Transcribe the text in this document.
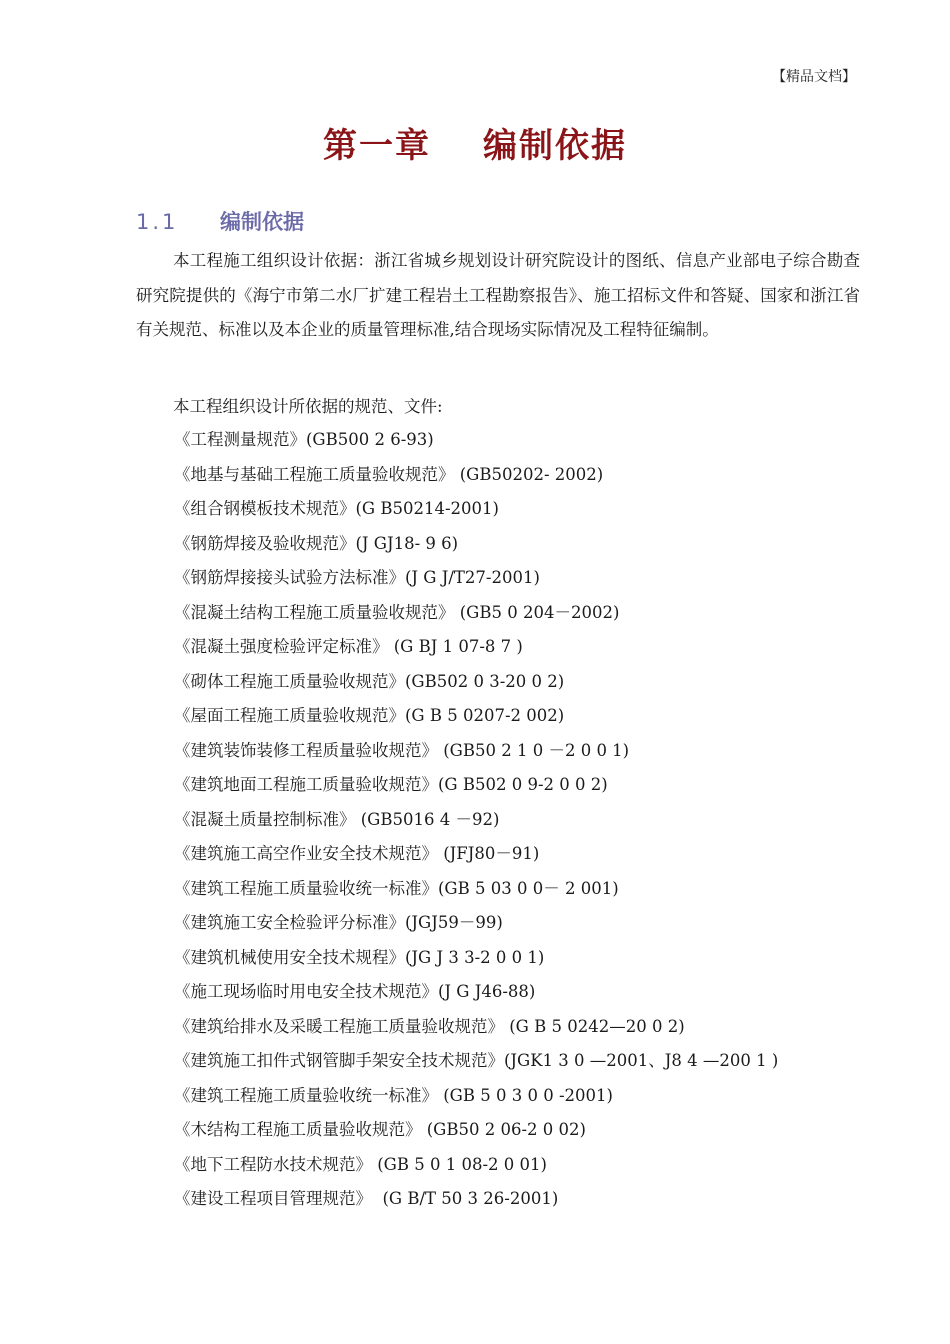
【精品文档】
第一章 编制依据
1.1 编制依据
本工程施工组织设计依据：浙江省城乡规划设计研究院设计的图纸、信息产业部电子综合勘查研究院提供的《海宁市第二水厂扩建工程岩土工程勘察报告》、施工招标文件和答疑、国家和浙江省有关规范、标准以及本企业的质量管理标准,结合现场实际情况及工程特征编制。
本工程组织设计所依据的规范、文件:
《工程测量规范》(GB500 2 6-93)
《地基与基础工程施工质量验收规范》 (GB50202- 2002)
《组合钢模板技术规范》(G B50214-2001)
《钢筋焊接及验收规范》(J GJ18- 9 6)
《钢筋焊接接头试验方法标准》(J G J/T27-2001)
《混凝土结构工程施工质量验收规范》 (GB5 0 204－2002)
《混凝土强度检验评定标准》 (G BJ 1 07-8 7 )
《砌体工程施工质量验收规范》(GB502 0 3-20 0 2)
《屋面工程施工质量验收规范》(G B 5 0207-2 002)
《建筑装饰装修工程质量验收规范》 (GB50 2 1 0 －2 0 0 1)
《建筑地面工程施工质量验收规范》(G B502 0 9-2 0 0 2)
《混凝土质量控制标准》 (GB5016 4 －92)
《建筑施工高空作业安全技术规范》 (JFJ80－91)
《建筑工程施工质量验收统一标准》(GB 5 03 0 0－ 2 001)
《建筑施工安全检验评分标准》(JGJ59－99)
《建筑机械使用安全技术规程》(JG J 3 3-2 0 0 1)
《施工现场临时用电安全技术规范》(J G J46-88)
《建筑给排水及采暖工程施工质量验收规范》 (G B 5 0242—20 0 2)
《建筑施工扣件式钢管脚手架安全技术规范》(JGK1 3 0 —2001、J8 4 —200 1 )
《建筑工程施工质量验收统一标准》 (GB 5 0 3 0 0 -2001)
《木结构工程施工质量验收规范》 (GB50 2 06-2 0 02)
《地下工程防水技术规范》 (GB 5 0 1 08-2 0 01)
《建设工程项目管理规范》  (G B/T 50 3 26-2001)
